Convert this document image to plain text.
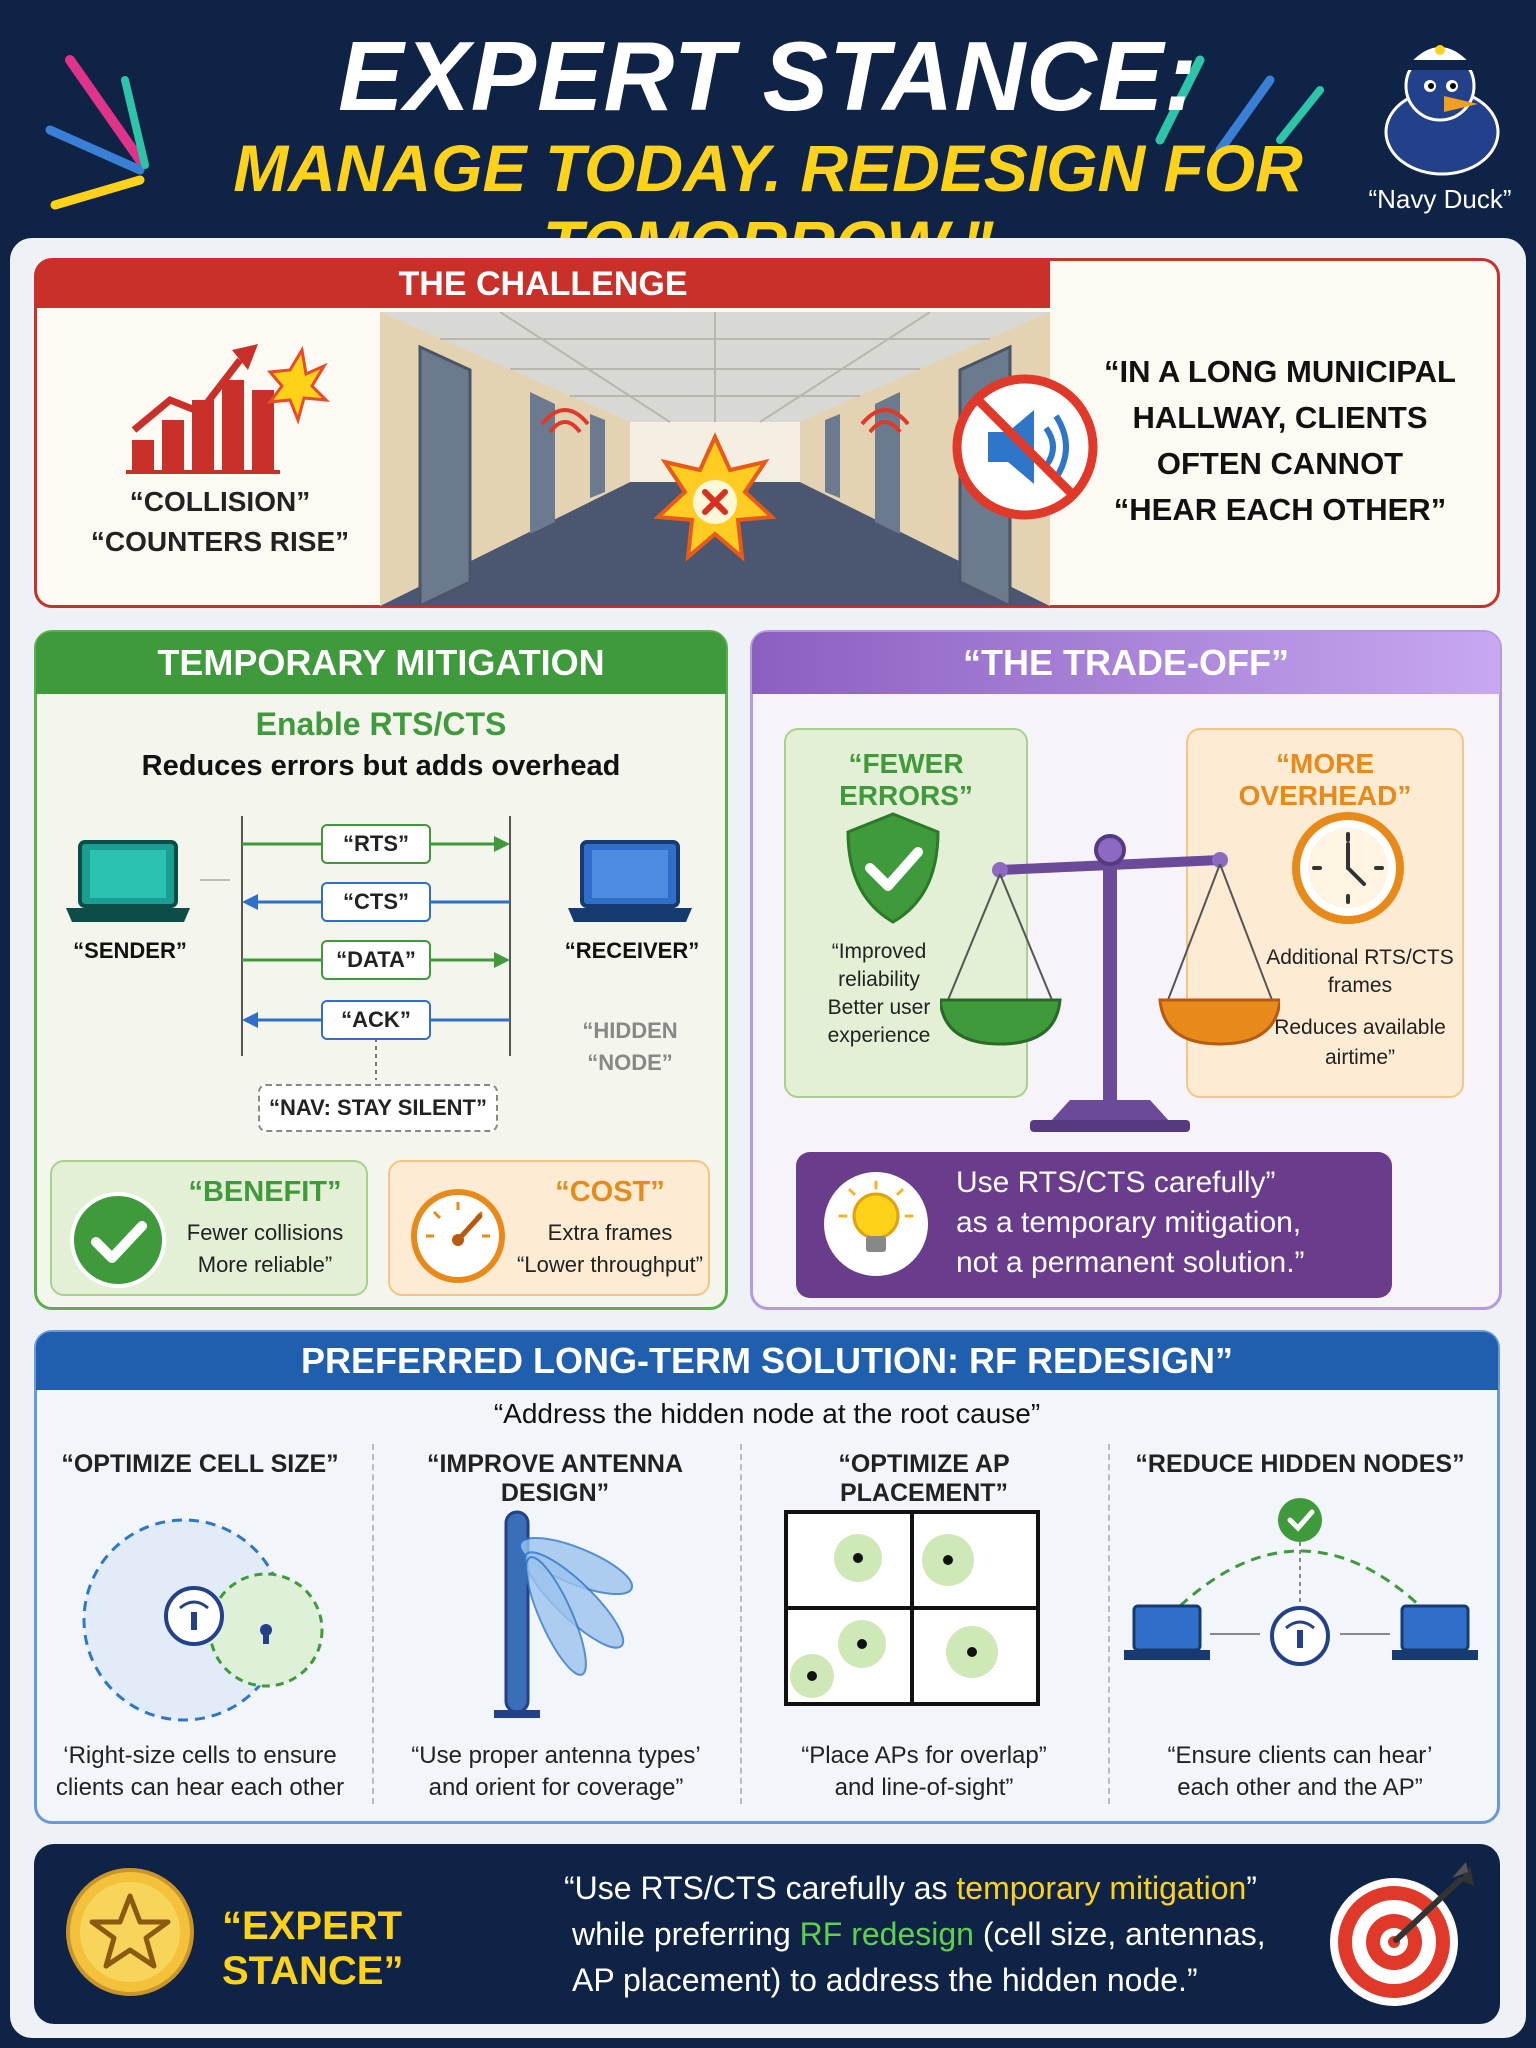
EXPERT STANCE:
MANAGE TODAY. REDESIGN FOR	“Navy Duck”
THE CHALLENGE
“COLLISION”
“COUNTERS RISE”
“IN A LONG MUNICIPAL
HALLWAY, CLIENTS
OFTEN CANNOT
“HEAR EACH OTHER”
TEMPORARY MITIGATION
Enable RTS/CTS
Reduces errors but adds overhead
“SENDER”	“RECEIVER”
“HIDDEN
“NODE”
“RTS”
“CTS”
“DATA”
“ACK”
“NAV: STAY SILENT”
“BENEFIT”
Fewer collisions
More reliable”
“COST”
Extra frames
“Lower throughput”
“THE TRADE-OFF”
“FEWER ERRORS”
“Improved
reliability
Better user
experience
“MORE OVERHEAD”
Additional RTS/CTS
frames
Reduces available
airtime”
Use RTS/CTS carefully”
as a temporary mitigation,
not a permanent solution.”
PREFERRED LONG-TERM SOLUTION: RF REDESIGN”
“Address the hidden node at the root cause”
“OPTIMIZE CELL SIZE”	“IMPROVE ANTENNA DESIGN”
“OPTIMIZE AP PLACEMENT”
“REDUCE HIDDEN NODES”
‘Right-size cells to ensure
clients can hear each other
“Use proper antenna types’
and orient for coverage”
“Place APs for overlap”
and line-of-sight”
“Ensure clients can hear’
each other and the AP”
“EXPERT STANCE”
“Use RTS/CTS carefully as temporary mitigation”
while preferring RF redesign (cell size, antennas,
AP placement) to address the hidden node.”
